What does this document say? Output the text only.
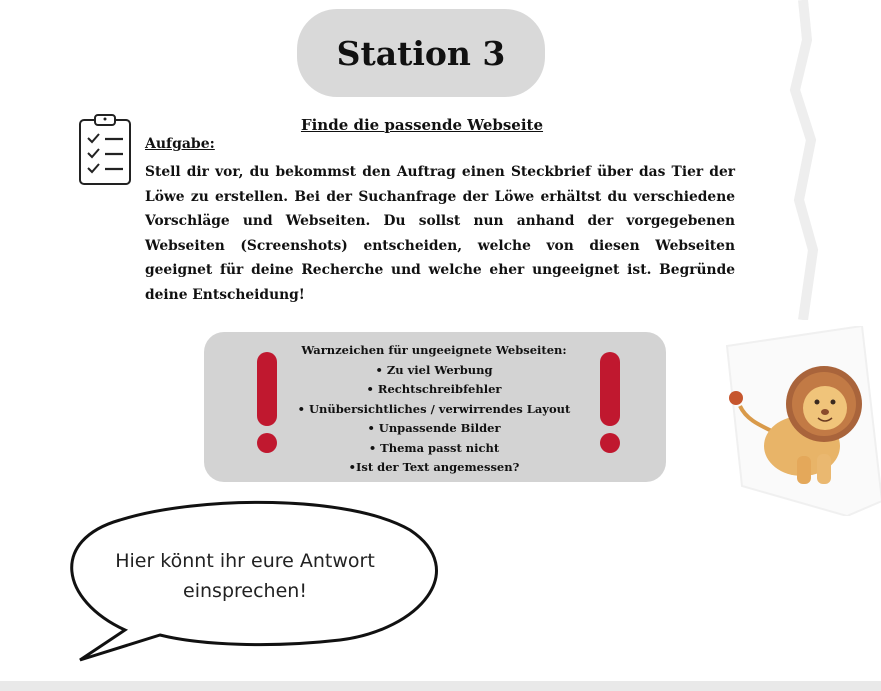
Station 3
Finde die passende Webseite
Aufgabe:
Stell dir vor, du bekommst den Auftrag einen Steckbrief über das Tier der Löwe zu erstellen. Bei der Suchanfrage der Löwe erhältst du verschiedene Vorschläge und Webseiten. Du sollst nun anhand der vorgegebenen Webseiten (Screenshots) entscheiden, welche von diesen Webseiten geeignet für deine Recherche und welche eher ungeeignet ist. Begründe deine Entscheidung!
Warnzeichen für ungeeignete Webseiten:
• Zu viel Werbung
• Rechtschreibfehler
• Unübersichtliches / verwirrendes Layout
• Unpassende Bilder
• Thema passt nicht
•Ist der Text angemessen?
Hier könnt ihr eure Antwort einsprechen!
